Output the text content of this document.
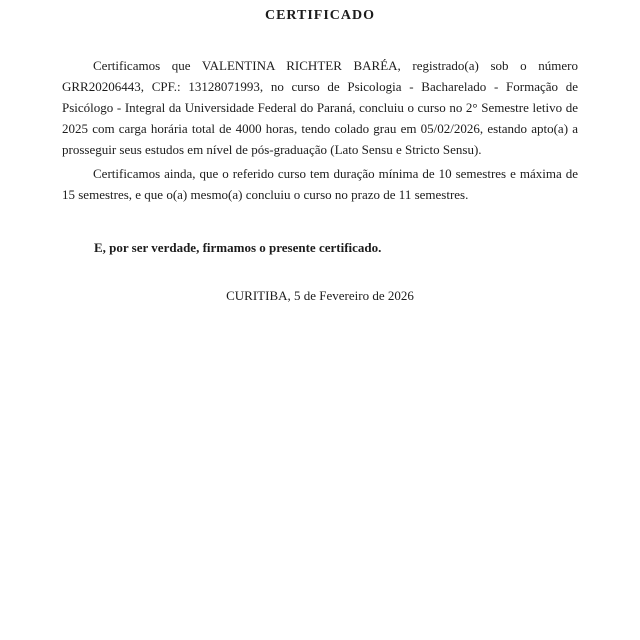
CERTIFICADO
Certificamos que VALENTINA RICHTER BARÉA, registrado(a) sob o número
GRR20206443, CPF.: 13128071993, no curso de Psicologia - Bacharelado - Formação de
Psicólogo - Integral da Universidade Federal do Paraná, concluiu o curso no 2° Semestre letivo de
2025 com carga horária total de 4000 horas, tendo colado grau em 05/02/2026, estando apto(a) a
prosseguir seus estudos em nível de pós-graduação (Lato Sensu e Stricto Sensu).
Certificamos ainda, que o referido curso tem duração mínima de 10 semestres e máxima de
15 semestres, e que o(a) mesmo(a) concluiu o curso no prazo de 11 semestres.

E, por ser verdade, firmamos o presente certificado.

CURITIBA, 5 de Fevereiro de 2026
